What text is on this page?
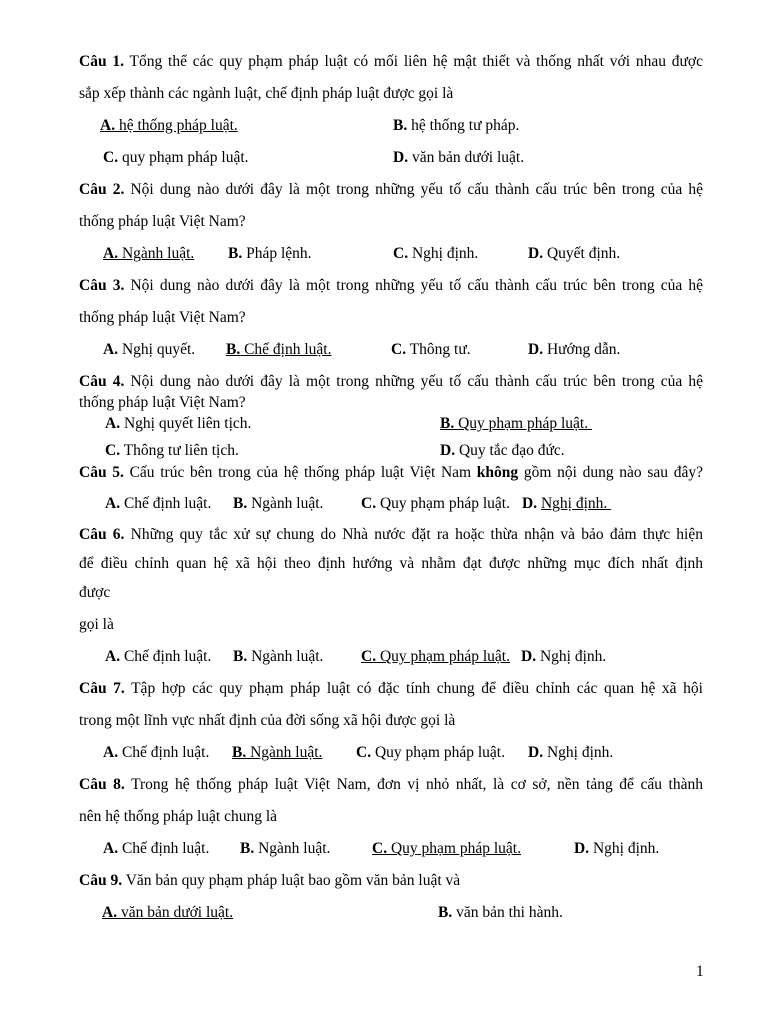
Câu 1. Tổng thể các quy phạm pháp luật có mối liên hệ mật thiết và thống nhất với nhau được
sắp xếp thành các ngành luật, chế định pháp luật được gọi là
A. hệ thống pháp luật.	B. hệ thống tư pháp.
C. quy phạm pháp luật.	D. văn bản dưới luật.
Câu 2. Nội dung nào dưới đây là một trong những yếu tố cấu thành cấu trúc bên trong của hệ
thống pháp luật Việt Nam?
A. Ngành luật. B. Pháp lệnh.	C. Nghị định.	D. Quyết định.
Câu 3. Nội dung nào dưới đây là một trong những yếu tố cấu thành cấu trúc bên trong của hệ
thống pháp luật Việt Nam?
A. Nghị quyết. B. Chế định luật.	C. Thông tư.	D. Hướng dẫn.
Câu 4. Nội dung nào dưới đây là một trong những yếu tố cấu thành cấu trúc bên trong của hệ
thống pháp luật Việt Nam?
A. Nghị quyết liên tịch.	B. Quy phạm pháp luật.
C. Thông tư liên tịch.	D. Quy tắc đạo đức.
Câu 5. Cấu trúc bên trong của hệ thống pháp luật Việt Nam không gồm nội dung nào sau đây?
A. Chế định luật. B. Ngành luật. C. Quy phạm pháp luật. D. Nghị định.
Câu 6. Những quy tắc xử sự chung do Nhà nước đặt ra hoặc thừa nhận và bảo đảm thực hiện
để điều chỉnh quan hệ xã hội theo định hướng và nhằm đạt được những mục đích nhất định
được
gọi là
A. Chế định luật. B. Ngành luật. C. Quy phạm pháp luật. D. Nghị định.
Câu 7. Tập hợp các quy phạm pháp luật có đặc tính chung để điều chỉnh các quan hệ xã hội
trong một lĩnh vực nhất định của đời sống xã hội được gọi là
A. Chế định luật. B. Ngành luật. C. Quy phạm pháp luật. D. Nghị định.
Câu 8. Trong hệ thống pháp luật Việt Nam, đơn vị nhỏ nhất, là cơ sở, nền tảng để cấu thành
nên hệ thống pháp luật chung là
A. Chế định luật. B. Ngành luật.	C. Quy phạm pháp luật.	D. Nghị định.
Câu 9. Văn bản quy phạm pháp luật bao gồm văn bản luật và
A. văn bản dưới luật.	B. văn bản thi hành.
1
